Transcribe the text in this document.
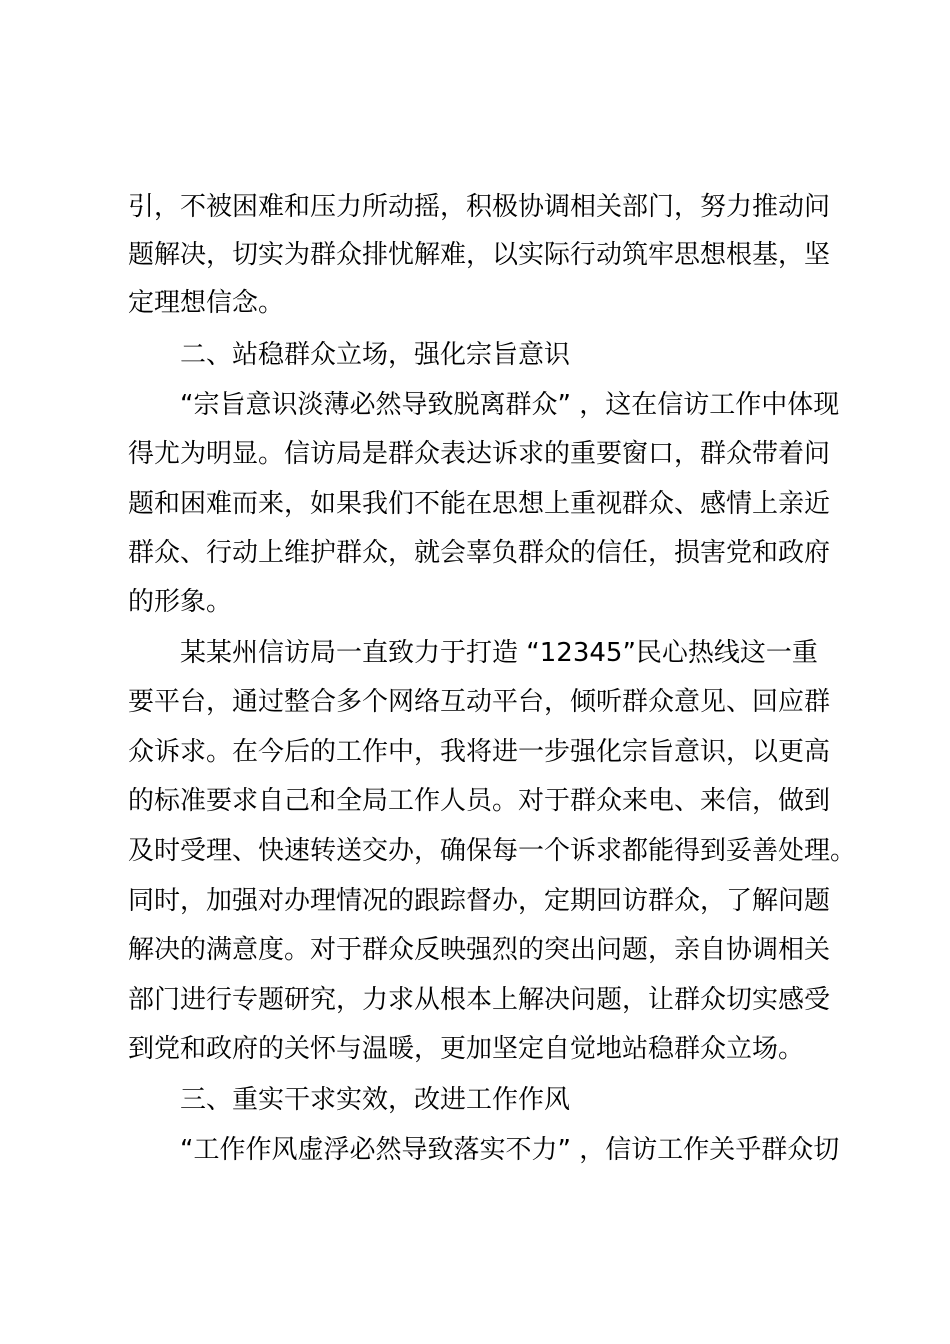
引，不被困难和压力所动摇，积极协调相关部门，努力推动问
题解决，切实为群众排忧解难，以实际行动筑牢思想根基，坚
定理想信念。
二、站稳群众立场，强化宗旨意识
“宗旨意识淡薄必然导致脱离群众” ，这在信访工作中体现
得尤为明显。信访局是群众表达诉求的重要窗口，群众带着问
题和困难而来，如果我们不能在思想上重视群众、感情上亲近
群众、行动上维护群众，就会辜负群众的信任，损害党和政府
的形象。
某某州信访局一直致力于打造 “12345”民心热线这一重
要平台，通过整合多个网络互动平台，倾听群众意见、回应群
众诉求。在今后的工作中，我将进一步强化宗旨意识，以更高
的标准要求自己和全局工作人员。对于群众来电、来信，做到
及时受理、快速转送交办，确保每一个诉求都能得到妥善处理。
同时，加强对办理情况的跟踪督办，定期回访群众，了解问题
解决的满意度。对于群众反映强烈的突出问题，亲自协调相关
部门进行专题研究，力求从根本上解决问题，让群众切实感受
到党和政府的关怀与温暖，更加坚定自觉地站稳群众立场。
三、重实干求实效，改进工作作风
“工作作风虚浮必然导致落实不力” ，信访工作关乎群众切
